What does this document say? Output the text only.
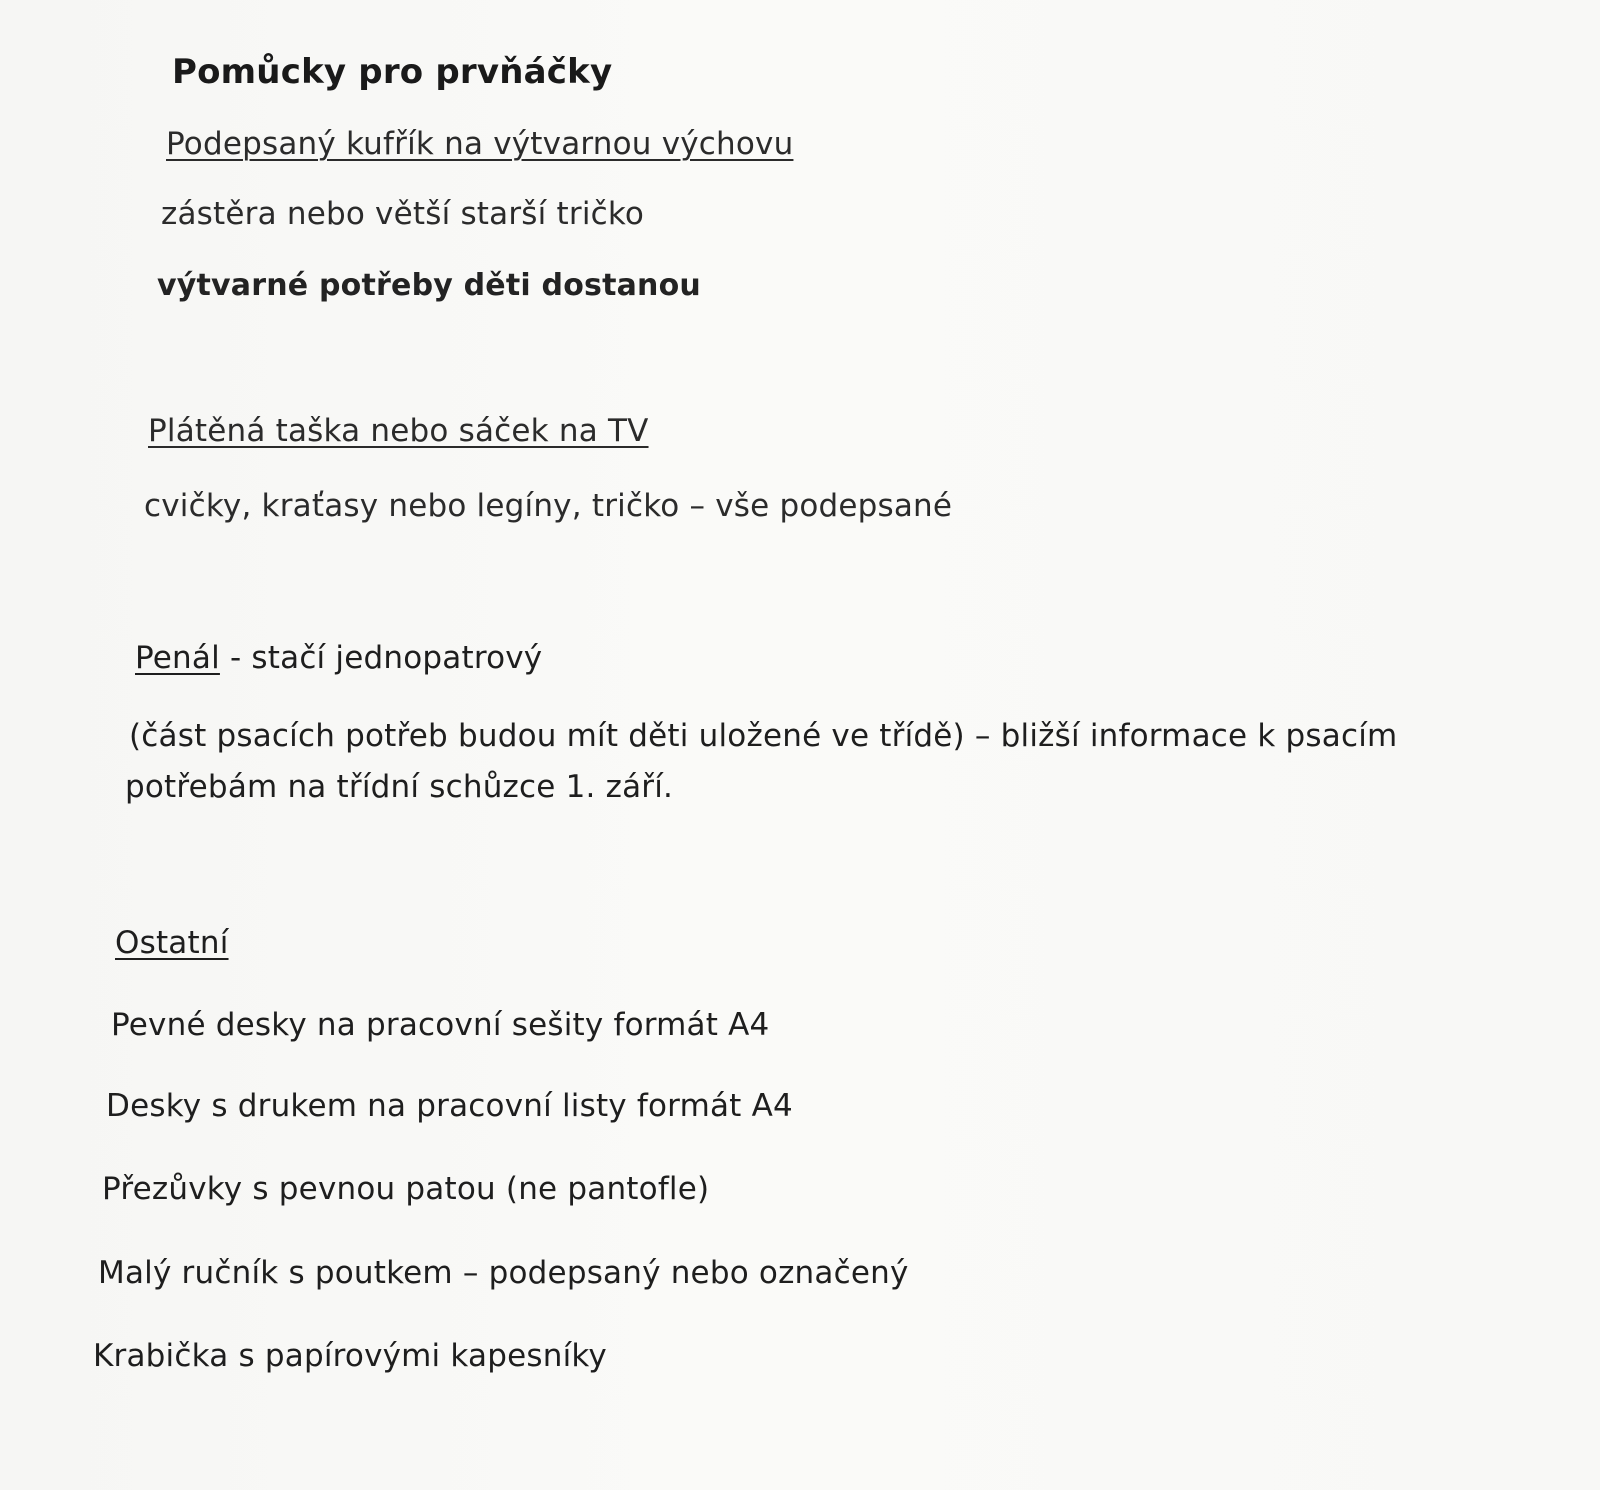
Pomůcky pro prvňáčky
Podepsaný kufřík na výtvarnou výchovu
zástěra nebo větší starší tričko
výtvarné potřeby děti dostanou
Plátěná taška nebo sáček na TV
cvičky, kraťasy nebo legíny, tričko – vše podepsané
Penál - stačí jednopatrový
(část psacích potřeb budou mít děti uložené ve třídě) – bližší informace k psacím
potřebám na třídní schůzce 1. září.
Ostatní
Pevné desky na pracovní sešity formát A4
Desky s drukem na pracovní listy formát A4
Přezůvky s pevnou patou (ne pantofle)
Malý ručník s poutkem – podepsaný nebo označený
Krabička s papírovými kapesníky
